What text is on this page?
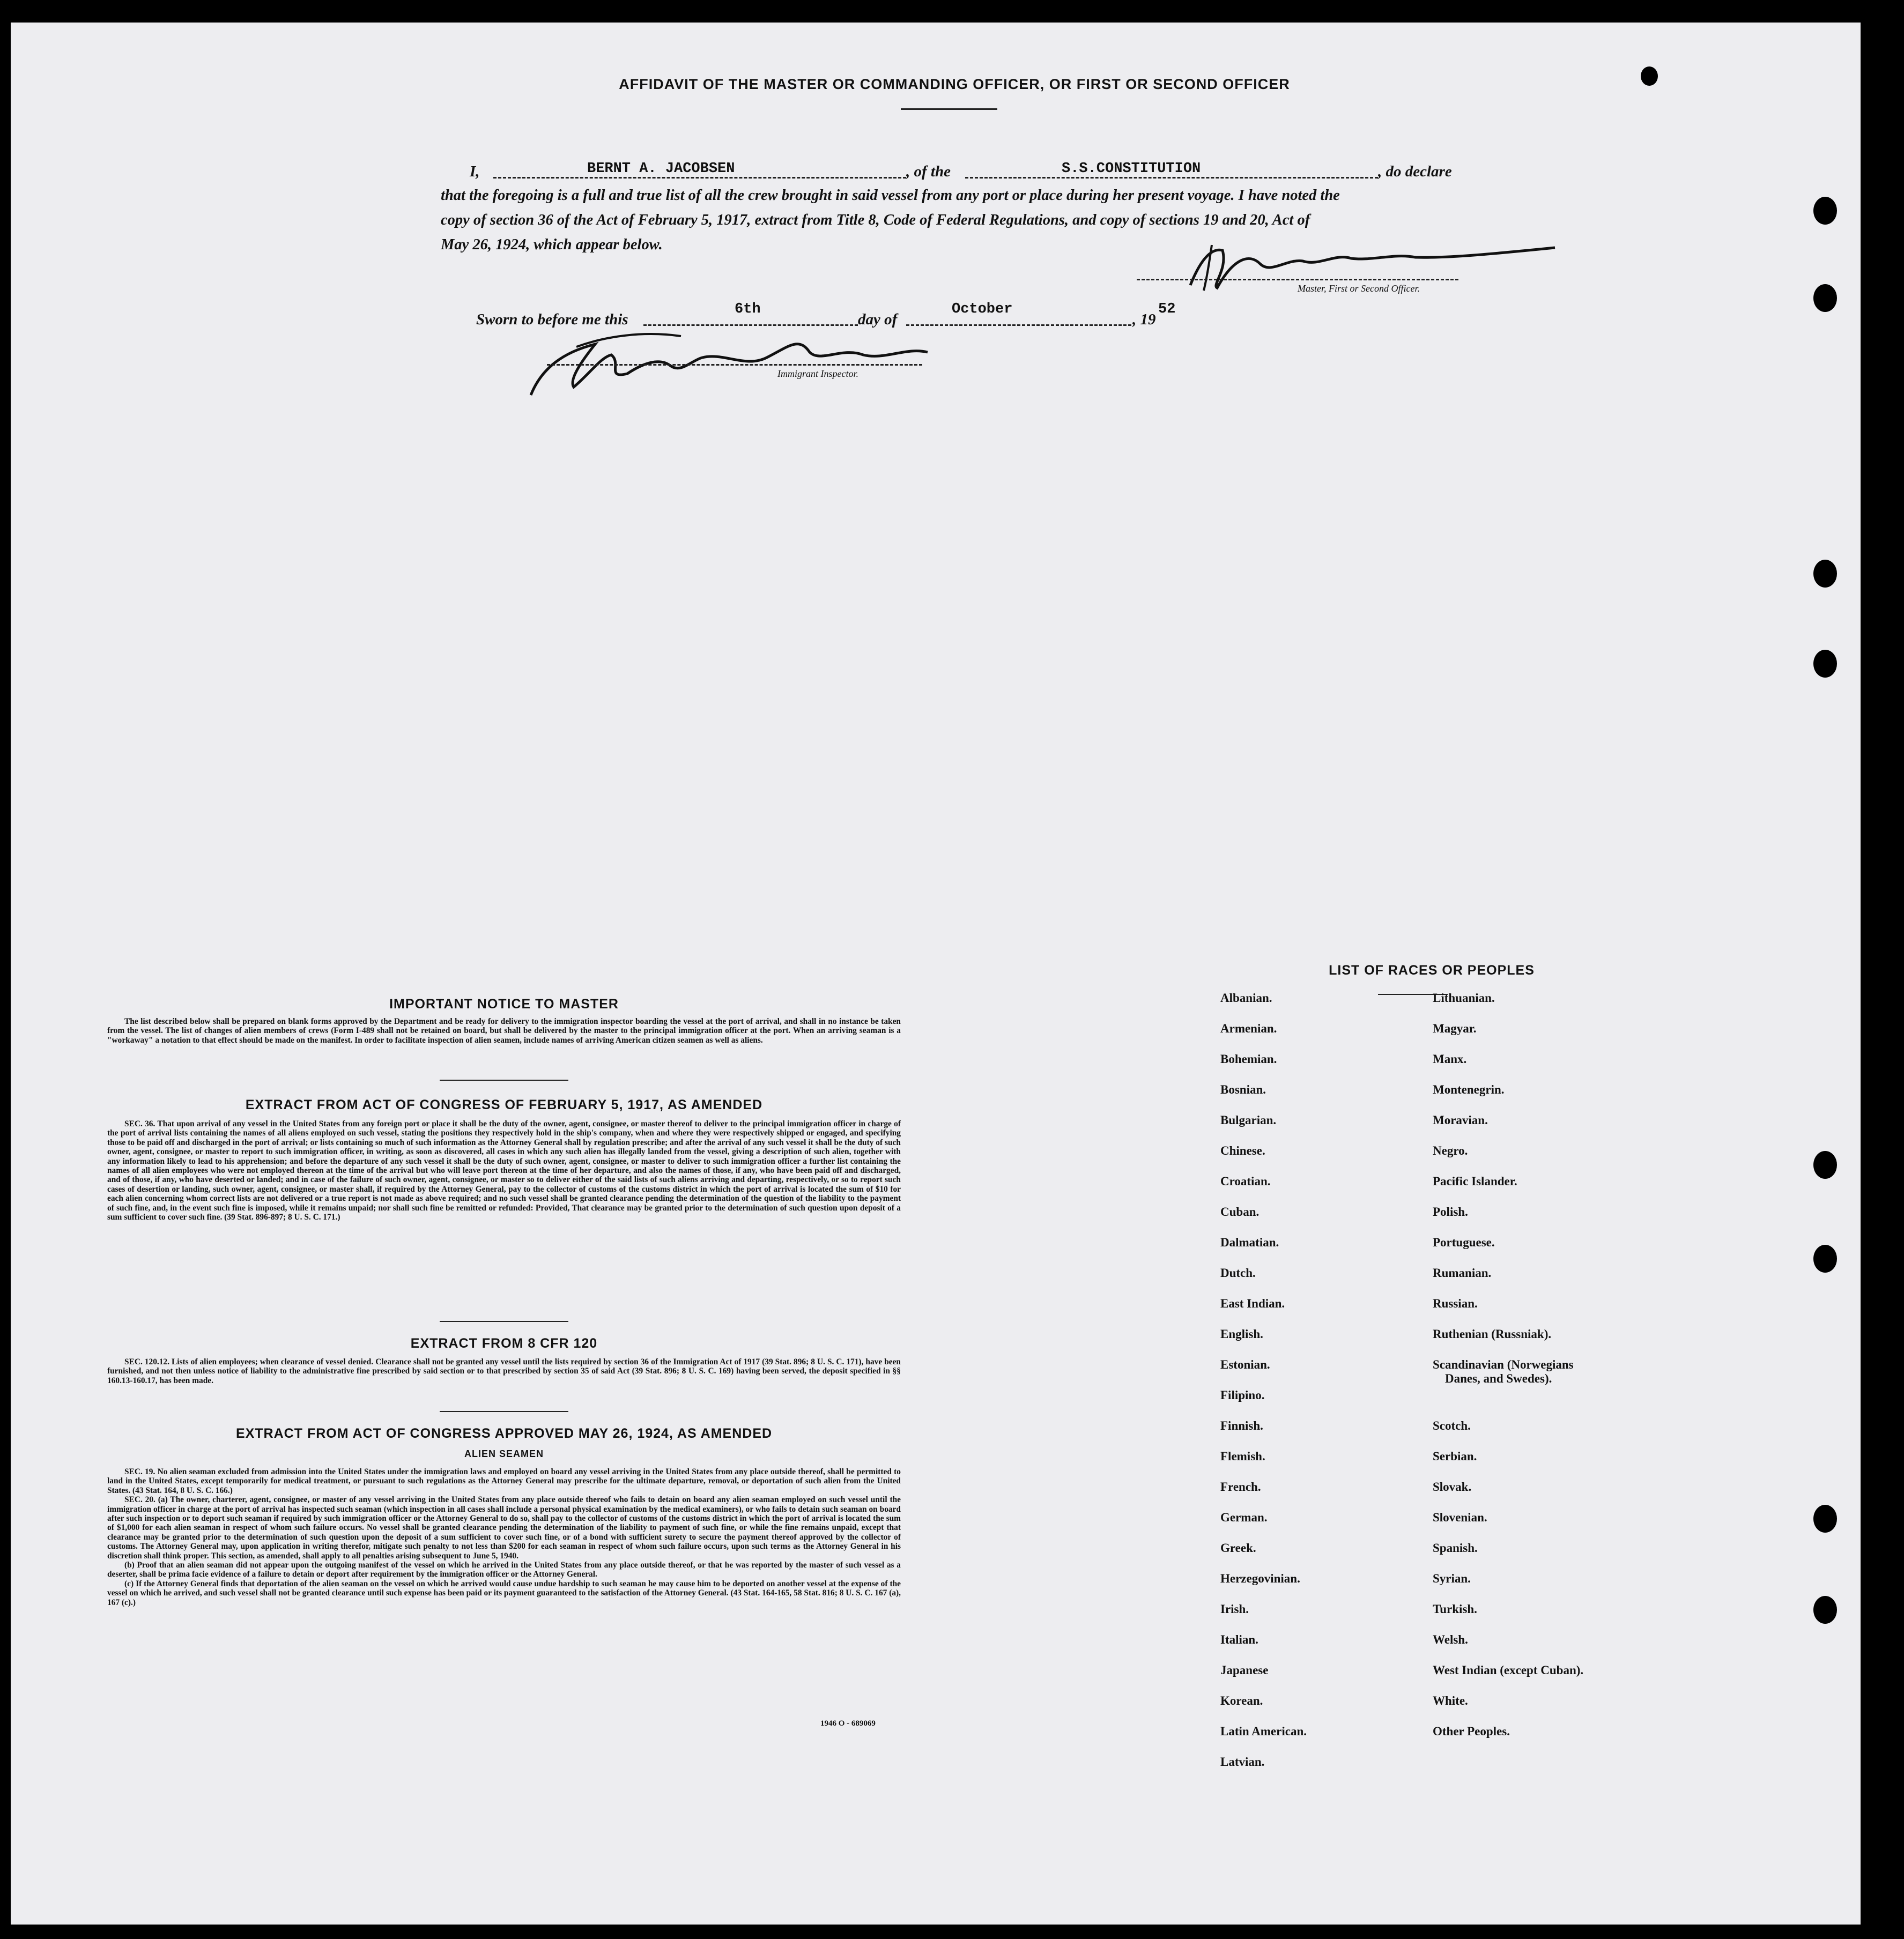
AFFIDAVIT OF THE MASTER OR COMMANDING OFFICER, OR FIRST OR SECOND OFFICER
I,	BERNT A. JACOBSEN	, of the	S.S.CONSTITUTION	, do declare
that the foregoing is a full and true list of all the crew brought in said vessel from any port or place during her present voyage. I have noted the
copy of section 36 of the Act of February 5, 1917, extract from Title 8, Code of Federal Regulations, and copy of sections 19 and 20, Act of
May 26, 1924, which appear below.
Master, First or Second Officer.
Sworn to before me this
6th
day of
October
, 19
52
Immigrant Inspector.
IMPORTANT NOTICE TO MASTER

The list described below shall be prepared on blank forms approved by the Department and be ready for delivery to the immigration inspector boarding the vessel at the port of arrival, and shall in no instance be taken from the vessel. The list of changes of alien members of crews (Form I-489 shall not be retained on board, but shall be delivered by the master to the principal immigration officer at the port. When an arriving seaman is a "workaway" a notation to that effect should be made on the manifest. In order to facilitate inspection of alien seamen, include names of arriving American citizen seamen as well as aliens.

EXTRACT FROM ACT OF CONGRESS OF FEBRUARY 5, 1917, AS AMENDED

SEC. 36. That upon arrival of any vessel in the United States from any foreign port or place it shall be the duty of the owner, agent, consignee, or master thereof to deliver to the principal immigration officer in charge of the port of arrival lists containing the names of all aliens employed on such vessel, stating the positions they respectively hold in the ship's company, when and where they were respectively shipped or engaged, and specifying those to be paid off and discharged in the port of arrival; or lists containing so much of such information as the Attorney General shall by regulation prescribe; and after the arrival of any such vessel it shall be the duty of such owner, agent, consignee, or master to report to such immigration officer, in writing, as soon as discovered, all cases in which any such alien has illegally landed from the vessel, giving a description of such alien, together with any information likely to lead to his apprehension; and before the departure of any such vessel it shall be the duty of such owner, agent, consignee, or master to deliver to such immigration officer a further list containing the names of all alien employees who were not employed thereon at the time of the arrival but who will leave port thereon at the time of her departure, and also the names of those, if any, who have been paid off and discharged, and of those, if any, who have deserted or landed; and in case of the failure of such owner, agent, consignee, or master so to deliver either of the said lists of such aliens arriving and departing, respectively, or so to report such cases of desertion or landing, such owner, agent, consignee, or master shall, if required by the Attorney General, pay to the collector of customs of the customs district in which the port of arrival is located the sum of $10 for each alien concerning whom correct lists are not delivered or a true report is not made as above required; and no such vessel shall be granted clearance pending the determination of the question of the liability to the payment of such fine, and, in the event such fine is imposed, while it remains unpaid; nor shall such fine be remitted or refunded: Provided, That clearance may be granted prior to the determination of such question upon deposit of a sum sufficient to cover such fine. (39 Stat. 896-897; 8 U. S. C. 171.)

EXTRACT FROM 8 CFR 120

SEC. 120.12. Lists of alien employees; when clearance of vessel denied. Clearance shall not be granted any vessel until the lists required by section 36 of the Immigration Act of 1917 (39 Stat. 896; 8 U. S. C. 171), have been furnished, and not then unless notice of liability to the administrative fine prescribed by said section or to that prescribed by section 35 of said Act (39 Stat. 896; 8 U. S. C. 169) having been served, the deposit specified in §§ 160.13-160.17, has been made.

EXTRACT FROM ACT OF CONGRESS APPROVED MAY 26, 1924, AS AMENDED
ALIEN SEAMEN

SEC. 19. No alien seaman excluded from admission into the United States under the immigration laws and employed on board any vessel arriving in the United States from any place outside thereof, shall be permitted to land in the United States, except temporarily for medical treatment, or pursuant to such regulations as the Attorney General may prescribe for the ultimate departure, removal, or deportation of such alien from the United States. (43 Stat. 164, 8 U. S. C. 166.)

SEC. 20. (a) The owner, charterer, agent, consignee, or master of any vessel arriving in the United States from any place outside thereof who fails to detain on board any alien seaman employed on such vessel until the immigration officer in charge at the port of arrival has inspected such seaman (which inspection in all cases shall include a personal physical examination by the medical examiners), or who fails to detain such seaman on board after such inspection or to deport such seaman if required by such immigration officer or the Attorney General to do so, shall pay to the collector of customs of the customs district in which the port of arrival is located the sum of $1,000 for each alien seaman in respect of whom such failure occurs. No vessel shall be granted clearance pending the determination of the liability to payment of such fine, or while the fine remains unpaid, except that clearance may be granted prior to the determination of such question upon the deposit of a sum sufficient to cover such fine, or of a bond with sufficient surety to secure the payment thereof approved by the collector of customs. The Attorney General may, upon application in writing therefor, mitigate such penalty to not less than $200 for each seaman in respect of whom such failure occurs, upon such terms as the Attorney General in his discretion shall think proper. This section, as amended, shall apply to all penalties arising subsequent to June 5, 1940.

(b) Proof that an alien seaman did not appear upon the outgoing manifest of the vessel on which he arrived in the United States from any place outside thereof, or that he was reported by the master of such vessel as a deserter, shall be prima facie evidence of a failure to detain or deport after requirement by the immigration officer or the Attorney General.

(c) If the Attorney General finds that deportation of the alien seaman on the vessel on which he arrived would cause undue hardship to such seaman he may cause him to be deported on another vessel at the expense of the vessel on which he arrived, and such vessel shall not be granted clearance until such expense has been paid or its payment guaranteed to the satisfaction of the Attorney General. (43 Stat. 164-165, 58 Stat. 816; 8 U. S. C. 167 (a), 167 (c).)

1946 O - 689069
LIST OF RACES OR PEOPLES
Albanian.
Armenian.
Bohemian.
Bosnian.
Bulgarian.
Chinese.
Croatian.
Cuban.
Dalmatian.
Dutch.
East Indian.
English.
Estonian.
Filipino.
Finnish.
Flemish.
French.
German.
Greek.
Herzegovinian.
Irish.
Italian.
Japanese
Korean.
Latin American.
Latvian.
Lithuanian.
Magyar.
Manx.
Montenegrin.
Moravian.
Negro.
Pacific Islander.
Polish.
Portuguese.
Rumanian.
Russian.
Ruthenian (Russniak).
Scandinavian (Norwegians
Danes, and Swedes).
Scotch.
Serbian.
Slovak.
Slovenian.
Spanish.
Syrian.
Turkish.
Welsh.
West Indian (except Cuban).
White.
Other Peoples.
